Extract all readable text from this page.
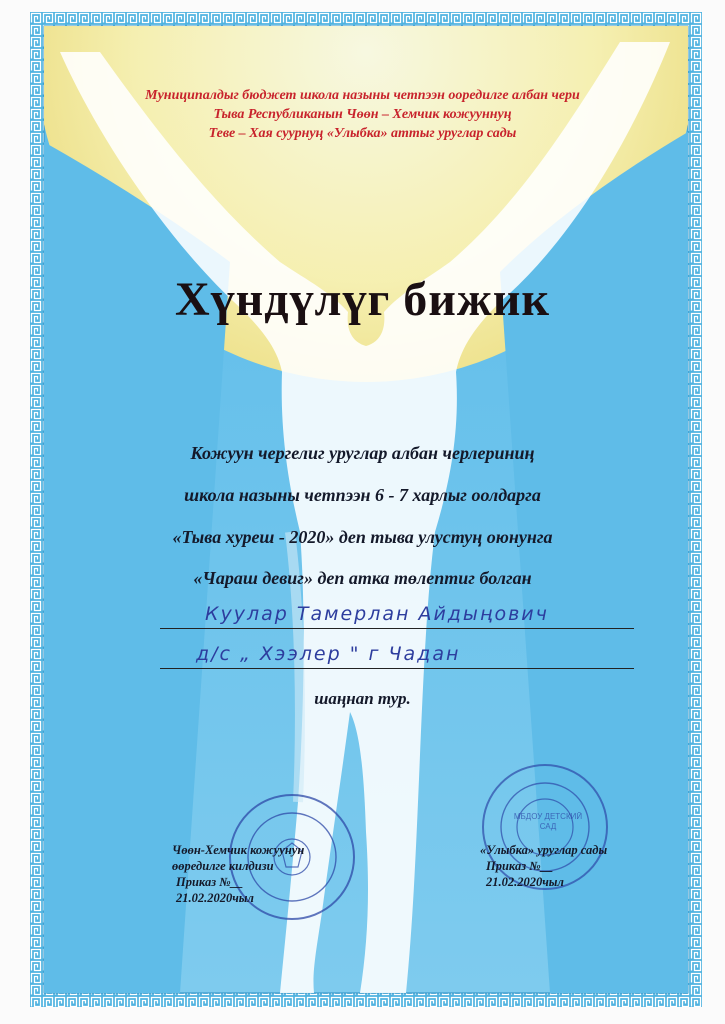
Муниципалдыг бюджет школа назыны четпээн ооредилге албан чери
Тыва Республиканын Чөөн – Хемчик кожууннуң
Теве – Хая суурнуң «Улыбка» аттыг уруглар сады
Хүндүлүг бижик
Кожуун чергелиг уруглар албан черлериниң
школа назыны четпээн 6 - 7 харлыг оолдарга
«Тыва хуреш - 2020» деп тыва улустуң оюнунга
«Чараш девиг» деп атка төлептиг болган
Куулар Тамерлан Айдыңович
д/с „ Хээлер " г Чадан
шаңнап тур.
Чөөн-Хемчик кожуунун
өөредилге килдизи
Приказ №__
21.02.2020чыл
«Улыбка» уруглар сады
Приказ №__
21.02.2020чыл
МБДОУ ДЕТСКИЙ САД
